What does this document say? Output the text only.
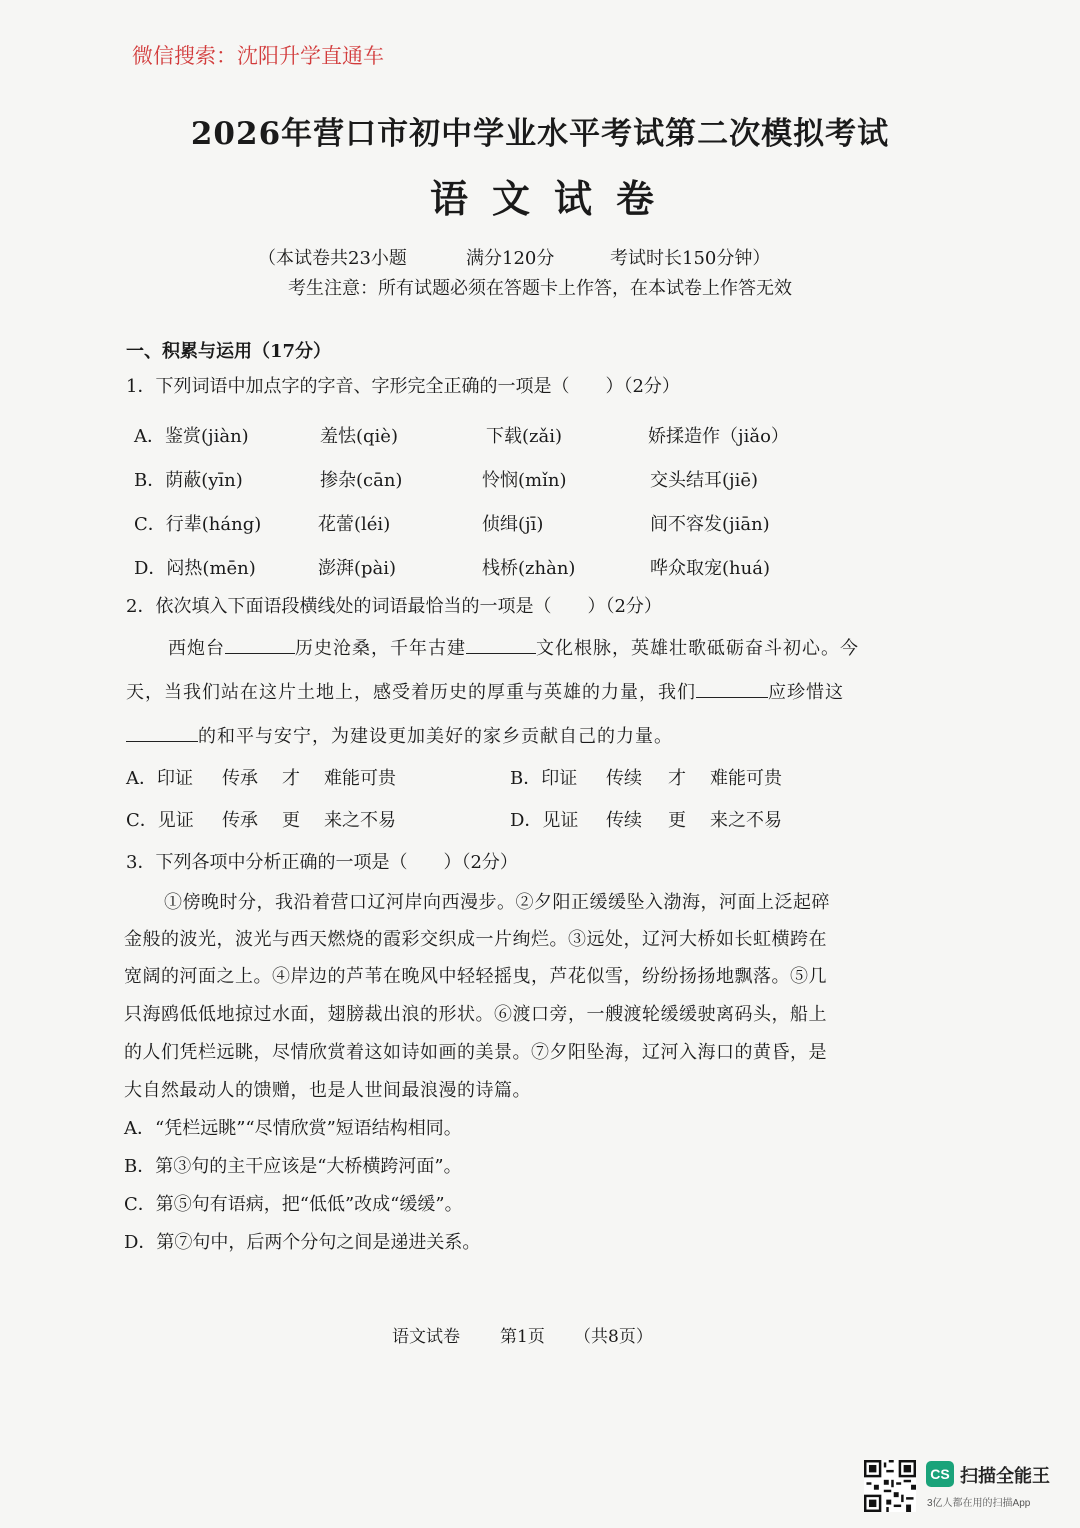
微信搜索：沈阳升学直通车
2026年营口市初中学业水平考试第二次模拟考试
语文试卷
（本试卷共23小题	满分120分	考试时长150分钟）
考生注意：所有试题必须在答题卡上作答，在本试卷上作答无效
一、积累与运用（17分）
1．下列词语中加点字的字音、字形完全正确的一项是（　　）（2分）
A．鉴赏(jiàn)	羞怯(qiè)	下载(zǎi)	娇揉造作（jiǎo）
B．荫蔽(yīn)	掺杂(cān)	怜悯(mǐn)	交头结耳(jiē)
C．行辈(háng)	花蕾(léi)	侦缉(jī)	间不容发(jiān)
D．闷热(mēn)	澎湃(pài)	栈桥(zhàn)	哗众取宠(huá)
2．依次填入下面语段横线处的词语最恰当的一项是（　　）（2分）
西炮台	历史沧桑，千年古建	文化根脉，英雄壮歌砥砺奋斗初心。今
天，当我们站在这片土地上，感受着历史的厚重与英雄的力量，我们	应珍惜这
的和平与安宁，为建设更加美好的家乡贡献自己的力量。
A．印证 传承 才 难能可贵	B．印证 传续 才 难能可贵
C．见证 传承 更 来之不易	D．见证 传续 更 来之不易
3．下列各项中分析正确的一项是（　　）（2分）
①傍晚时分，我沿着营口辽河岸向西漫步。②夕阳正缓缓坠入渤海，河面上泛起碎
金般的波光，波光与西天燃烧的霞彩交织成一片绚烂。③远处，辽河大桥如长虹横跨在
宽阔的河面之上。④岸边的芦苇在晚风中轻轻摇曳，芦花似雪，纷纷扬扬地飘落。⑤几
只海鸥低低地掠过水面，翅膀裁出浪的形状。⑥渡口旁，一艘渡轮缓缓驶离码头，船上
的人们凭栏远眺，尽情欣赏着这如诗如画的美景。⑦夕阳坠海，辽河入海口的黄昏，是
大自然最动人的馈赠，也是人世间最浪漫的诗篇。
A．“凭栏远眺”“尽情欣赏”短语结构相同。
B．第③句的主干应该是“大桥横跨河面”。
C．第⑤句有语病，把“低低”改成“缓缓”。
D．第⑦句中，后两个分句之间是递进关系。
语文试卷 第1页 （共8页）
CS 扫描全能王
3亿人都在用的扫描App
